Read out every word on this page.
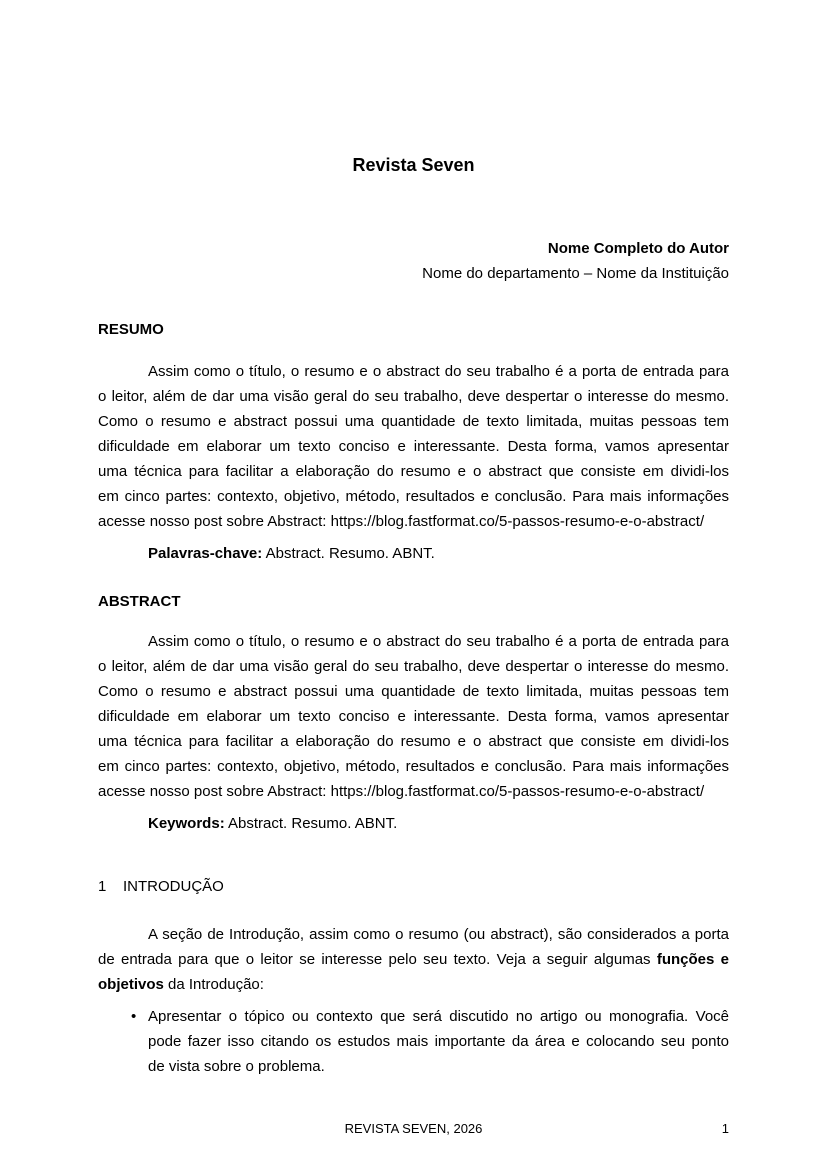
Revista Seven
Nome Completo do Autor
Nome do departamento – Nome da Instituição
RESUMO
Assim como o título, o resumo e o abstract do seu trabalho é a porta de entrada para
o leitor, além de dar uma visão geral do seu trabalho, deve despertar o interesse do mesmo.
Como o resumo e abstract possui uma quantidade de texto limitada, muitas pessoas tem
dificuldade em elaborar um texto conciso e interessante. Desta forma, vamos apresentar
uma técnica para facilitar a elaboração do resumo e o abstract que consiste em dividi-los
em cinco partes: contexto, objetivo, método, resultados e conclusão. Para mais informações
acesse nosso post sobre Abstract: https://blog.fastformat.co/5-passos-resumo-e-o-abstract/
Palavras-chave: Abstract. Resumo. ABNT.
ABSTRACT
Assim como o título, o resumo e o abstract do seu trabalho é a porta de entrada para
o leitor, além de dar uma visão geral do seu trabalho, deve despertar o interesse do mesmo.
Como o resumo e abstract possui uma quantidade de texto limitada, muitas pessoas tem
dificuldade em elaborar um texto conciso e interessante. Desta forma, vamos apresentar
uma técnica para facilitar a elaboração do resumo e o abstract que consiste em dividi-los
em cinco partes: contexto, objetivo, método, resultados e conclusão. Para mais informações
acesse nosso post sobre Abstract: https://blog.fastformat.co/5-passos-resumo-e-o-abstract/
Keywords: Abstract. Resumo. ABNT.
1 INTRODUÇÃO
A seção de Introdução, assim como o resumo (ou abstract), são considerados a porta
de entrada para que o leitor se interesse pelo seu texto. Veja a seguir algumas funções e
objetivos da Introdução:
• Apresentar o tópico ou contexto que será discutido no artigo ou monografia. Você
pode fazer isso citando os estudos mais importante da área e colocando seu ponto
de vista sobre o problema.
REVISTA SEVEN, 2026	1
